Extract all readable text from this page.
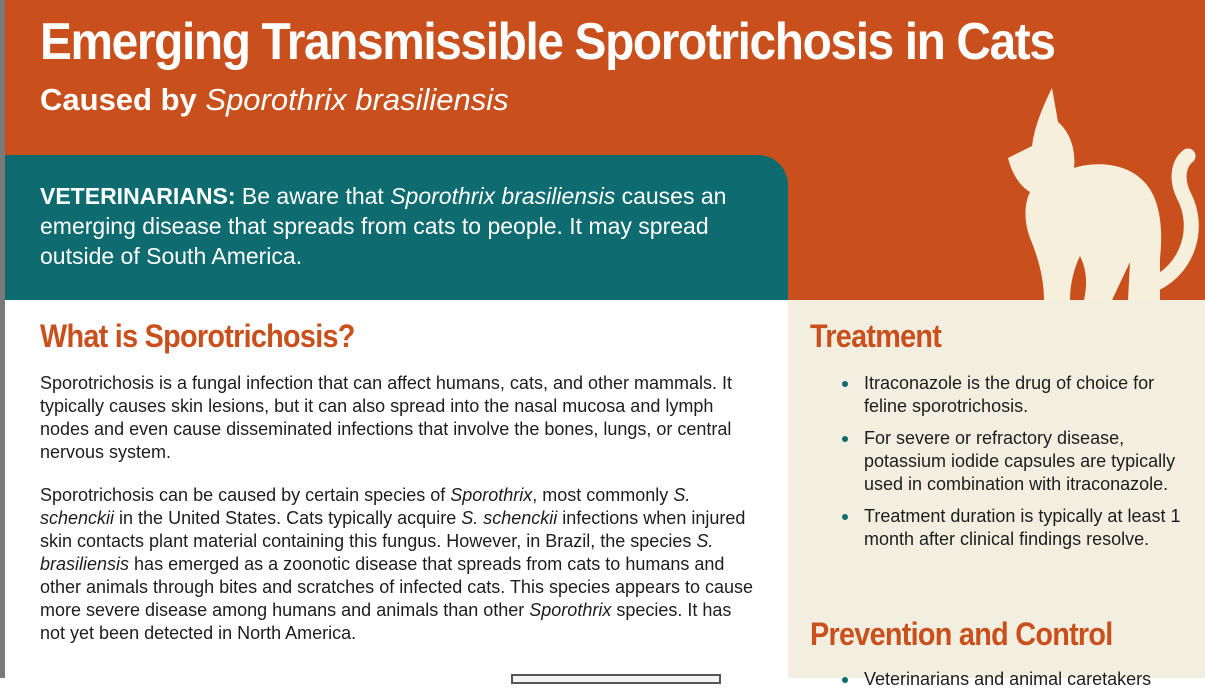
Emerging Transmissible Sporotrichosis in Cats
Caused by Sporothrix brasiliensis

VETERINARIANS: Be aware that Sporothrix brasiliensis causes an emerging disease that spreads from cats to people. It may spread outside of South America.

What is Sporotrichosis?

Sporotrichosis is a fungal infection that can affect humans, cats, and other mammals. It typically causes skin lesions, but it can also spread into the nasal mucosa and lymph nodes and even cause disseminated infections that involve the bones, lungs, or central nervous system.

Sporotrichosis can be caused by certain species of Sporothrix, most commonly S. schenckii in the United States. Cats typically acquire S. schenckii infections when injured skin contacts plant material containing this fungus. However, in Brazil, the species S. brasiliensis has emerged as a zoonotic disease that spreads from cats to humans and other animals through bites and scratches of infected cats. This species appears to cause more severe disease among humans and animals than other Sporothrix species. It has not yet been detected in North America.

Treatment
Itraconazole is the drug of choice for feline sporotrichosis.
For severe or refractory disease, potassium iodide capsules are typically used in combination with itraconazole.
Treatment duration is typically at least 1 month after clinical findings resolve.
Prevention and Control
Veterinarians and animal caretakers
